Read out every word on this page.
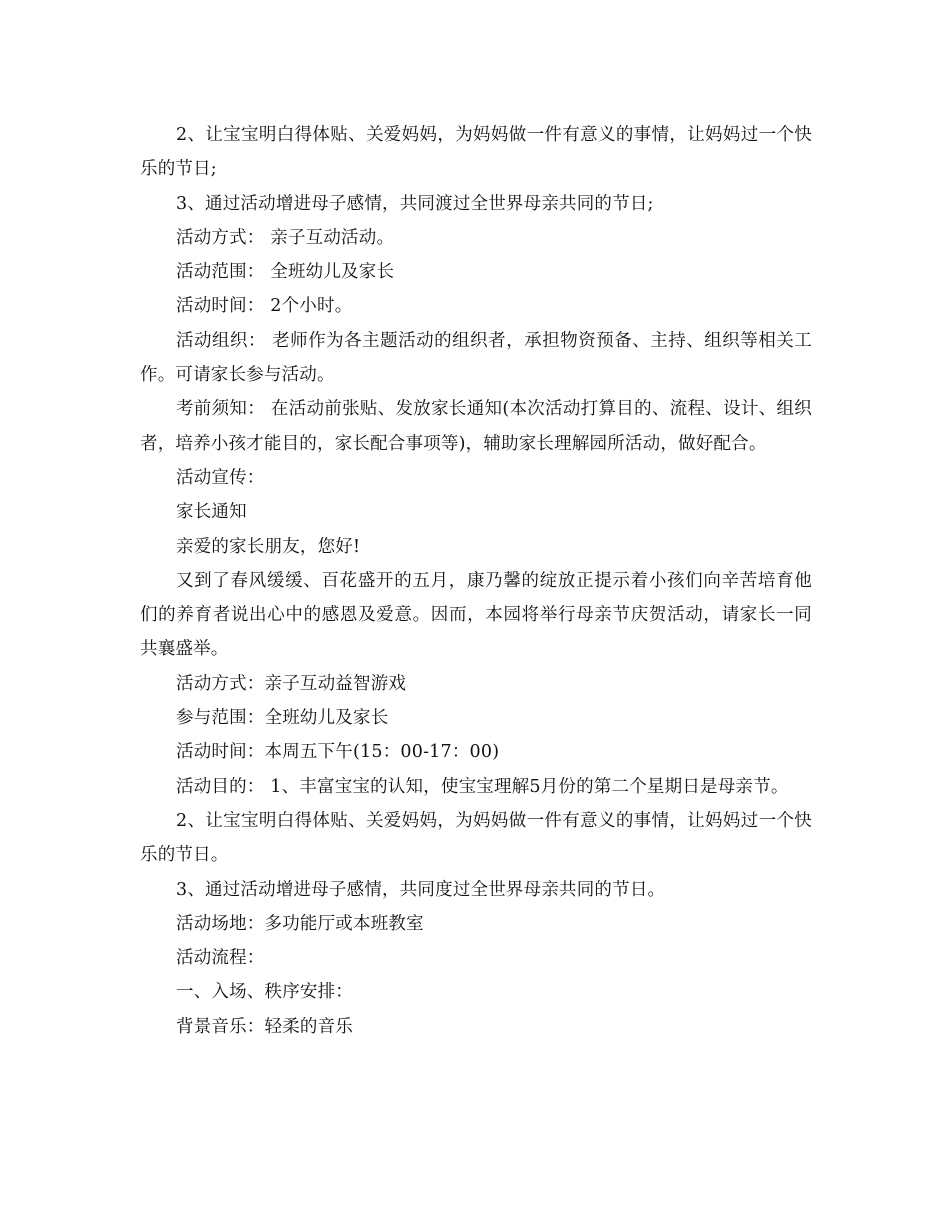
2、让宝宝明白得体贴、关爱妈妈，为妈妈做一件有意义的事情，让妈妈过一个快乐的节日;

3、通过活动增进母子感情，共同渡过全世界母亲共同的节日;

活动方式： 亲子互动活动。

活动范围： 全班幼儿及家长

活动时间： 2个小时。

活动组织： 老师作为各主题活动的组织者，承担物资预备、主持、组织等相关工作。可请家长参与活动。

考前须知： 在活动前张贴、发放家长通知(本次活动打算目的、流程、设计、组织者，培养小孩才能目的，家长配合事项等)，辅助家长理解园所活动，做好配合。

活动宣传：

家长通知

亲爱的家长朋友，您好!

又到了春风缓缓、百花盛开的五月，康乃馨的绽放正提示着小孩们向辛苦培育他们的养育者说出心中的感恩及爱意。因而，本园将举行母亲节庆贺活动，请家长一同共襄盛举。

活动方式：亲子互动益智游戏

参与范围：全班幼儿及家长

活动时间：本周五下午(15：00-17：00)

活动目的： 1、丰富宝宝的认知，使宝宝理解5月份的第二个星期日是母亲节。

2、让宝宝明白得体贴、关爱妈妈，为妈妈做一件有意义的事情，让妈妈过一个快乐的节日。

3、通过活动增进母子感情，共同度过全世界母亲共同的节日。

活动场地：多功能厅或本班教室

活动流程：

一、入场、秩序安排：

背景音乐：轻柔的音乐
